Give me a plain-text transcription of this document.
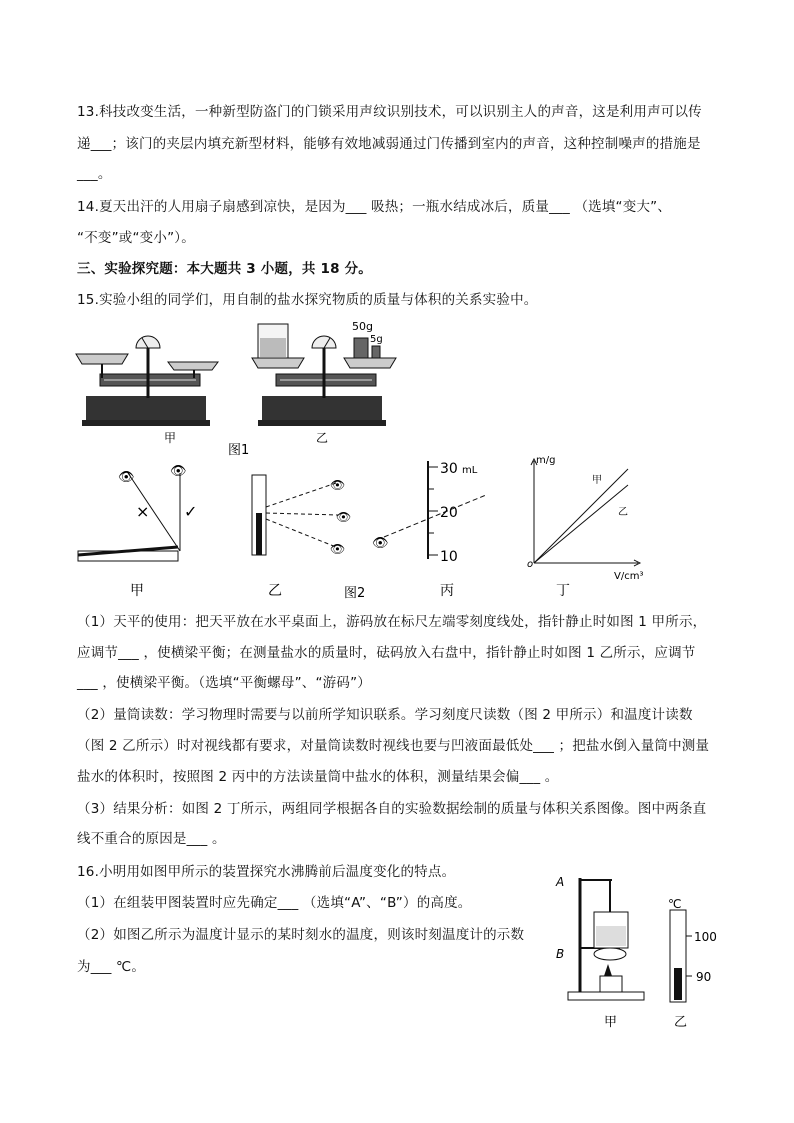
13.科技改变生活，一种新型防盗门的门锁采用声纹识别技术，可以识别主人的声音，这是利用声可以传
递___；该门的夹层内填充新型材料，能够有效地减弱通过门传播到室内的声音，这种控制噪声的措施是
___。
14.夏天出汗的人用扇子扇感到凉快，是因为___ 吸热；一瓶水结成冰后，质量___ （选填“变大”、
“不变”或“变小”）。
三、实验探究题：本大题共 3 小题，共 18 分。
15.实验小组的同学们，用自制的盐水探究物质的质量与体积的关系实验中。
甲
图1
50g
5g
乙
👁	👁
× ✓
甲
👁
👁
👁
乙	图2
👁
30 mL
20
10
丙
m/g
V/cm³
o
甲
乙
丁
（1）天平的使用：把天平放在水平桌面上，游码放在标尺左端零刻度线处，指针静止时如图 1 甲所示，
应调节___ ，使横梁平衡；在测量盐水的质量时，砝码放入右盘中，指针静止时如图 1 乙所示，应调节
___ ，使横梁平衡。（选填“平衡螺母”、“游码”）
（2）量筒读数：学习物理时需要与以前所学知识联系。学习刻度尺读数（图 2 甲所示）和温度计读数
（图 2 乙所示）时对视线都有要求，对量筒读数时视线也要与凹液面最低处___ ；把盐水倒入量筒中测量
盐水的体积时，按照图 2 丙中的方法读量筒中盐水的体积，测量结果会偏___ 。
（3）结果分析：如图 2 丁所示，两组同学根据各自的实验数据绘制的质量与体积关系图像。图中两条直
线不重合的原因是___ 。
16.小明用如图甲所示的装置探究水沸腾前后温度变化的特点。
（1）在组装甲图装置时应先确定___ （选填“A”、“B”）的高度。
（2）如图乙所示为温度计显示的某时刻水的温度，则该时刻温度计的示数
为___ ℃。
A
B
甲
℃
100
90
乙
